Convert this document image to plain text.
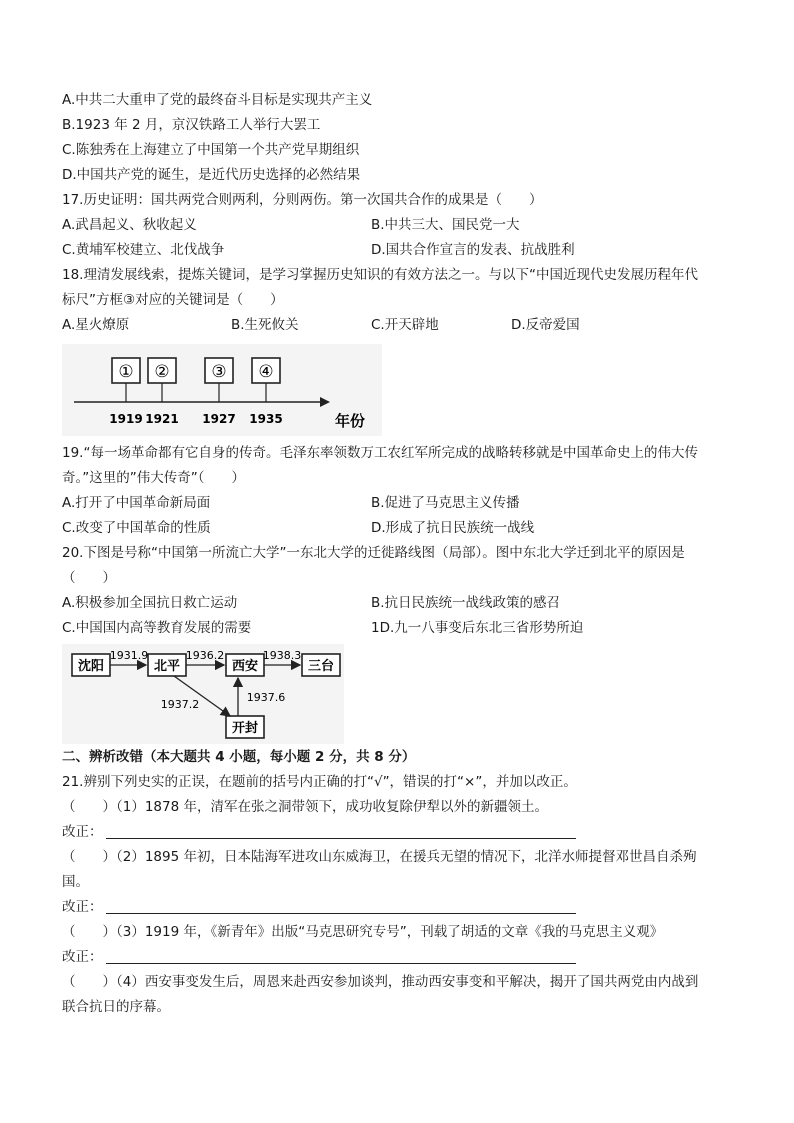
A.中共二大重申了党的最终奋斗目标是实现共产主义
B.1923 年 2 月，京汉铁路工人举行大罢工
C.陈独秀在上海建立了中国第一个共产党早期组织
D.中国共产党的诞生，是近代历史选择的必然结果
17.历史证明：国共两党合则两利，分则两伤。第一次国共合作的成果是（　　）
A.武昌起义、秋收起义	B.中共三大、国民党一大
C.黄埔军校建立、北伐战争	D.国共合作宣言的发表、抗战胜利
18.理清发展线索，提炼关键词，是学习掌握历史知识的有效方法之一。与以下“中国近现代史发展历程年代
标尺”方框③对应的关键词是（　　）
A.星火燎原	B.生死攸关	C.开天辟地	D.反帝爱国
① ② ③ ④
1919 1921 1927 1935	年份
19.“每一场革命都有它自身的传奇。毛泽东率领数万工农红军所完成的战略转移就是中国革命史上的伟大传
奇。”这里的”伟大传奇”（　　）
A.打开了中国革命新局面	B.促进了马克思主义传播
C.改变了中国革命的性质	D.形成了抗日民族统一战线
20.下图是号称“中国第一所流亡大学”一东北大学的迁徙路线图（局部）。图中东北大学迁到北平的原因是
（　　）
A.积极参加全国抗日救亡运动	B.抗日民族统一战线政策的感召
C.中国国内高等教育发展的需要	1D.九一八事变后东北三省形势所迫
沈阳	北平	西安	三台
开封
1931.9	1936.2	1938.3
1937.2
1937.6
二、辨析改错（本大题共 4 小题，每小题 2 分，共 8 分）
21.辨别下列史实的正误，在题前的括号内正确的打“√”，错误的打“×”，并加以改正。
（　　）（1）1878 年，清军在张之洞带领下，成功收复除伊犁以外的新疆领土。
改正：
（　　）（2）1895 年初，日本陆海军进攻山东威海卫，在援兵无望的情况下，北洋水师提督邓世昌自杀殉
国。
改正：
（　　）（3）1919 年，《新青年》出版“马克思研究专号”，刊载了胡适的文章《我的马克思主义观》
改正：
（　　）（4）西安事变发生后，周恩来赴西安参加谈判，推动西安事变和平解决，揭开了国共两党由内战到
联合抗日的序幕。
